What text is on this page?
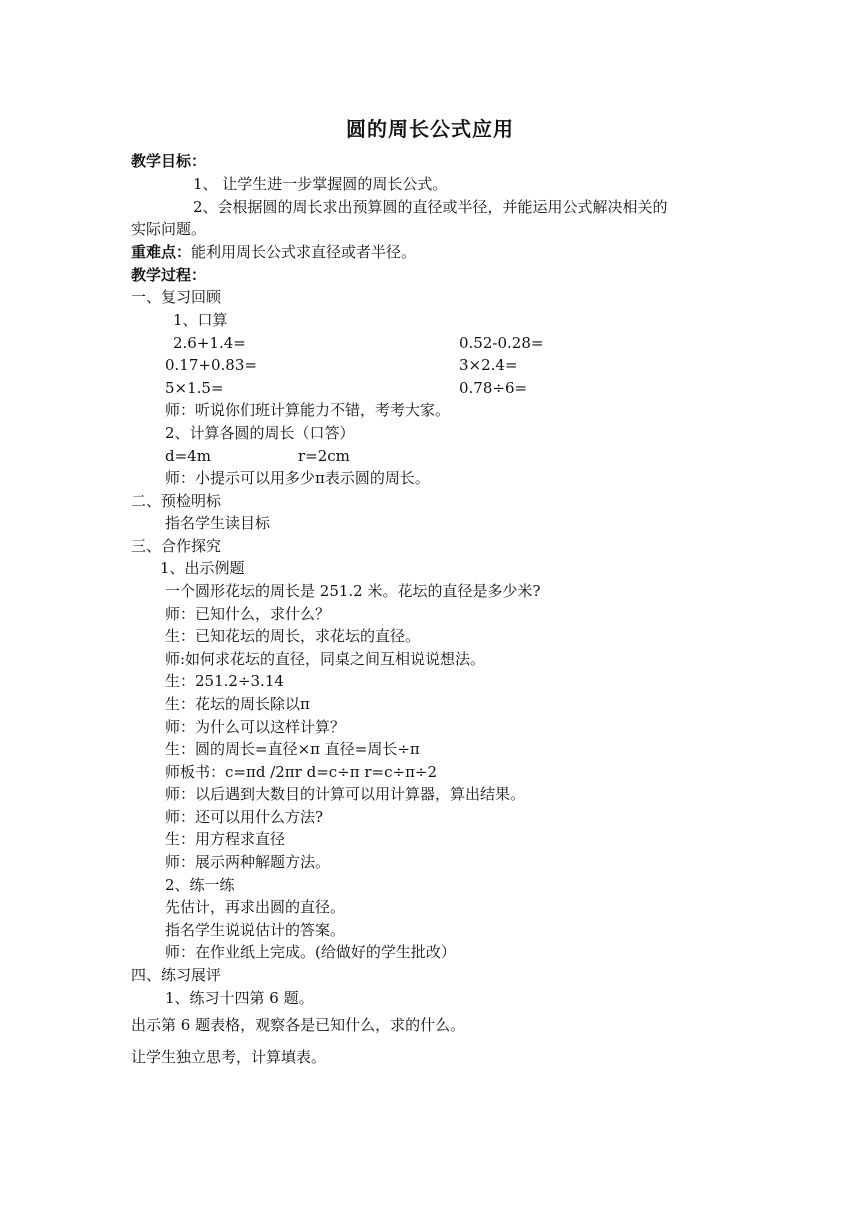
圆的周长公式应用
教学目标：
1、 让学生进一步掌握圆的周长公式。
2、会根据圆的周长求出预算圆的直径或半径，并能运用公式解决相关的
实际问题。
重难点：能利用周长公式求直径或者半径。
教学过程：
一、复习回顾
1、口算
2.6+1.4=	0.52-0.28=
0.17+0.83=	3×2.4=
5×1.5=	0.78÷6=
师：听说你们班计算能力不错，考考大家。
2、计算各圆的周长（口答）
d=4m	r=2cm
师：小提示可以用多少π表示圆的周长。
二、预检明标
指名学生读目标
三、合作探究
1、出示例题
一个圆形花坛的周长是 251.2 米。花坛的直径是多少米?
师：已知什么，求什么？
生：已知花坛的周长，求花坛的直径。
师:如何求花坛的直径，同桌之间互相说说想法。
生：251.2÷3.14
生：花坛的周长除以π
师：为什么可以这样计算？
生：圆的周长=直径×π 直径=周长÷π
师板书：c=πd /2πr d=c÷π r=c÷π÷2
师：以后遇到大数目的计算可以用计算器，算出结果。
师：还可以用什么方法?
生：用方程求直径
师：展示两种解题方法。
2、练一练
先估计，再求出圆的直径。
指名学生说说估计的答案。
师：在作业纸上完成。(给做好的学生批改）
四、练习展评
1、练习十四第 6 题。
出示第 6 题表格，观察各是已知什么，求的什么。
让学生独立思考，计算填表。
